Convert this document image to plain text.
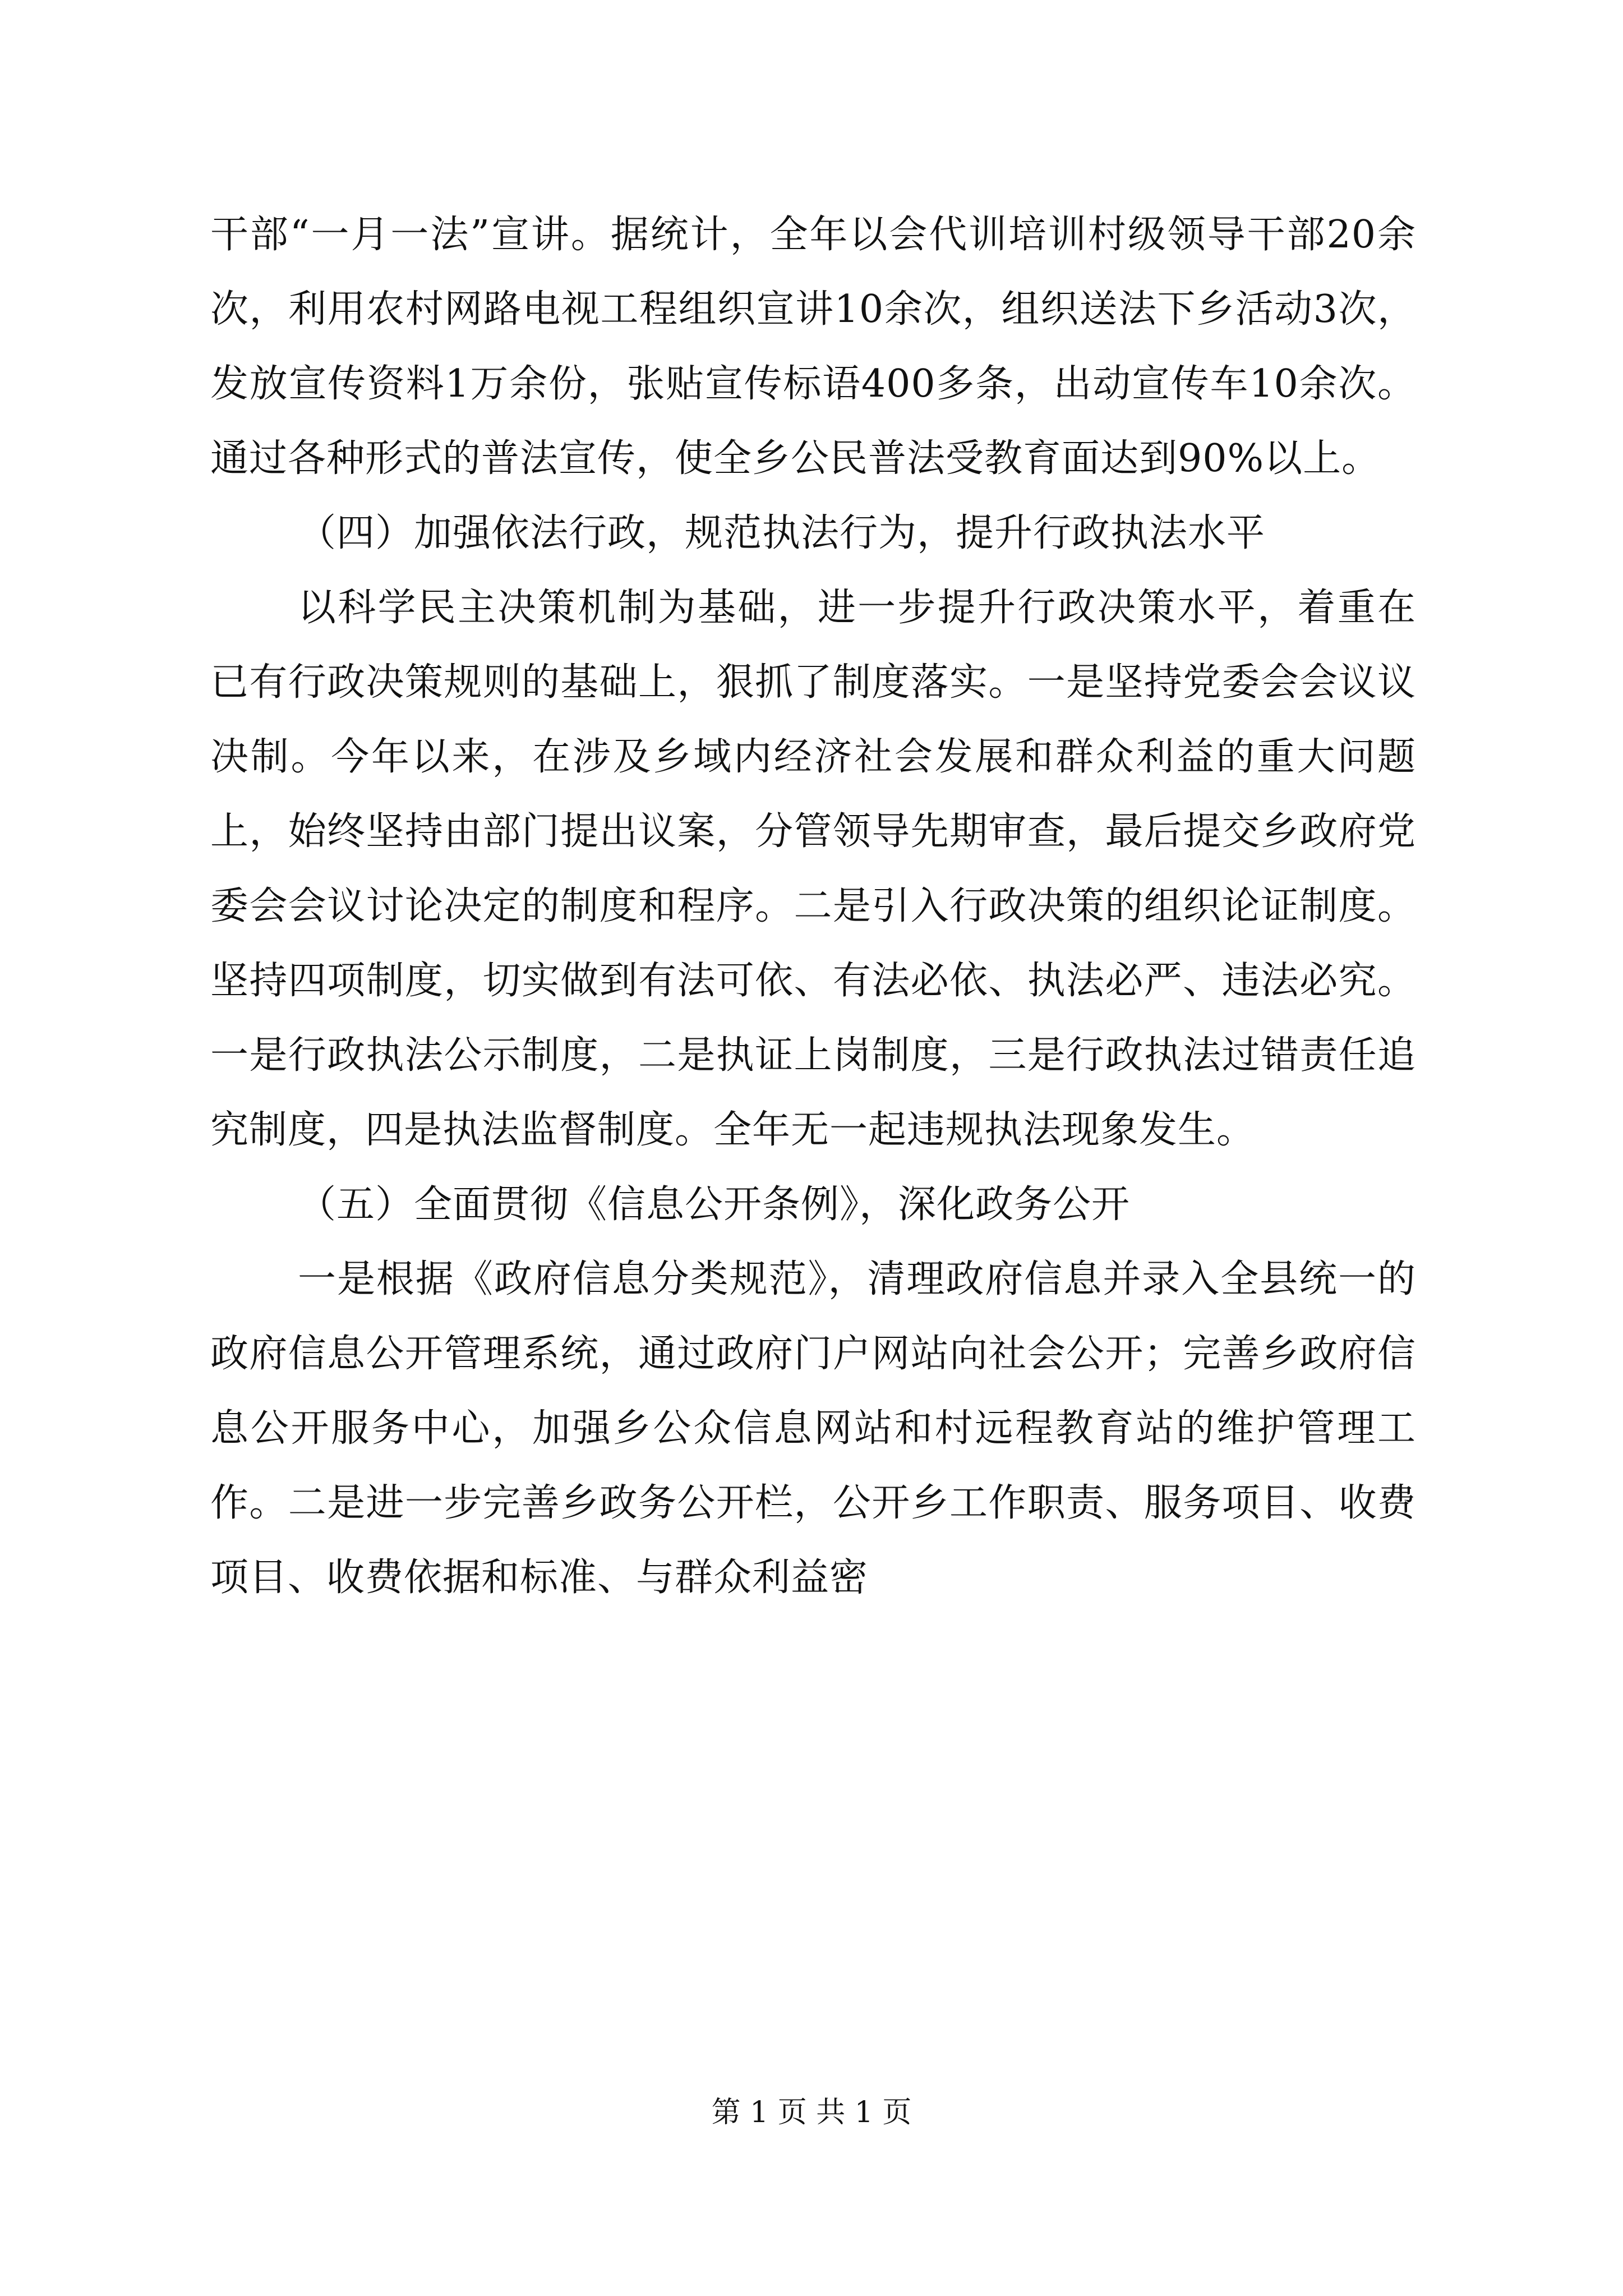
干部“一月一法”宣讲。据统计，全年以会代训培训村级领导干部20余次，利用农村网路电视工程组织宣讲10余次，组织送法下乡活动3次，发放宣传资料1万余份，张贴宣传标语400多条，出动宣传车10余次。通过各种形式的普法宣传，使全乡公民普法受教育面达到90%以上。

（四）加强依法行政，规范执法行为，提升行政执法水平

以科学民主决策机制为基础，进一步提升行政决策水平，着重在已有行政决策规则的基础上，狠抓了制度落实。一是坚持党委会会议议决制。今年以来，在涉及乡域内经济社会发展和群众利益的重大问题上，始终坚持由部门提出议案，分管领导先期审查，最后提交乡政府党委会会议讨论决定的制度和程序。二是引入行政决策的组织论证制度。坚持四项制度，切实做到有法可依、有法必依、执法必严、违法必究。一是行政执法公示制度，二是执证上岗制度，三是行政执法过错责任追究制度，四是执法监督制度。全年无一起违规执法现象发生。

（五）全面贯彻《信息公开条例》，深化政务公开

一是根据《政府信息分类规范》，清理政府信息并录入全县统一的政府信息公开管理系统，通过政府门户网站向社会公开；完善乡政府信息公开服务中心，加强乡公众信息网站和村远程教育站的维护管理工作。二是进一步完善乡政务公开栏，公开乡工作职责、服务项目、收费项目、收费依据和标准、与群众利益密

第 1 页 共 1 页
